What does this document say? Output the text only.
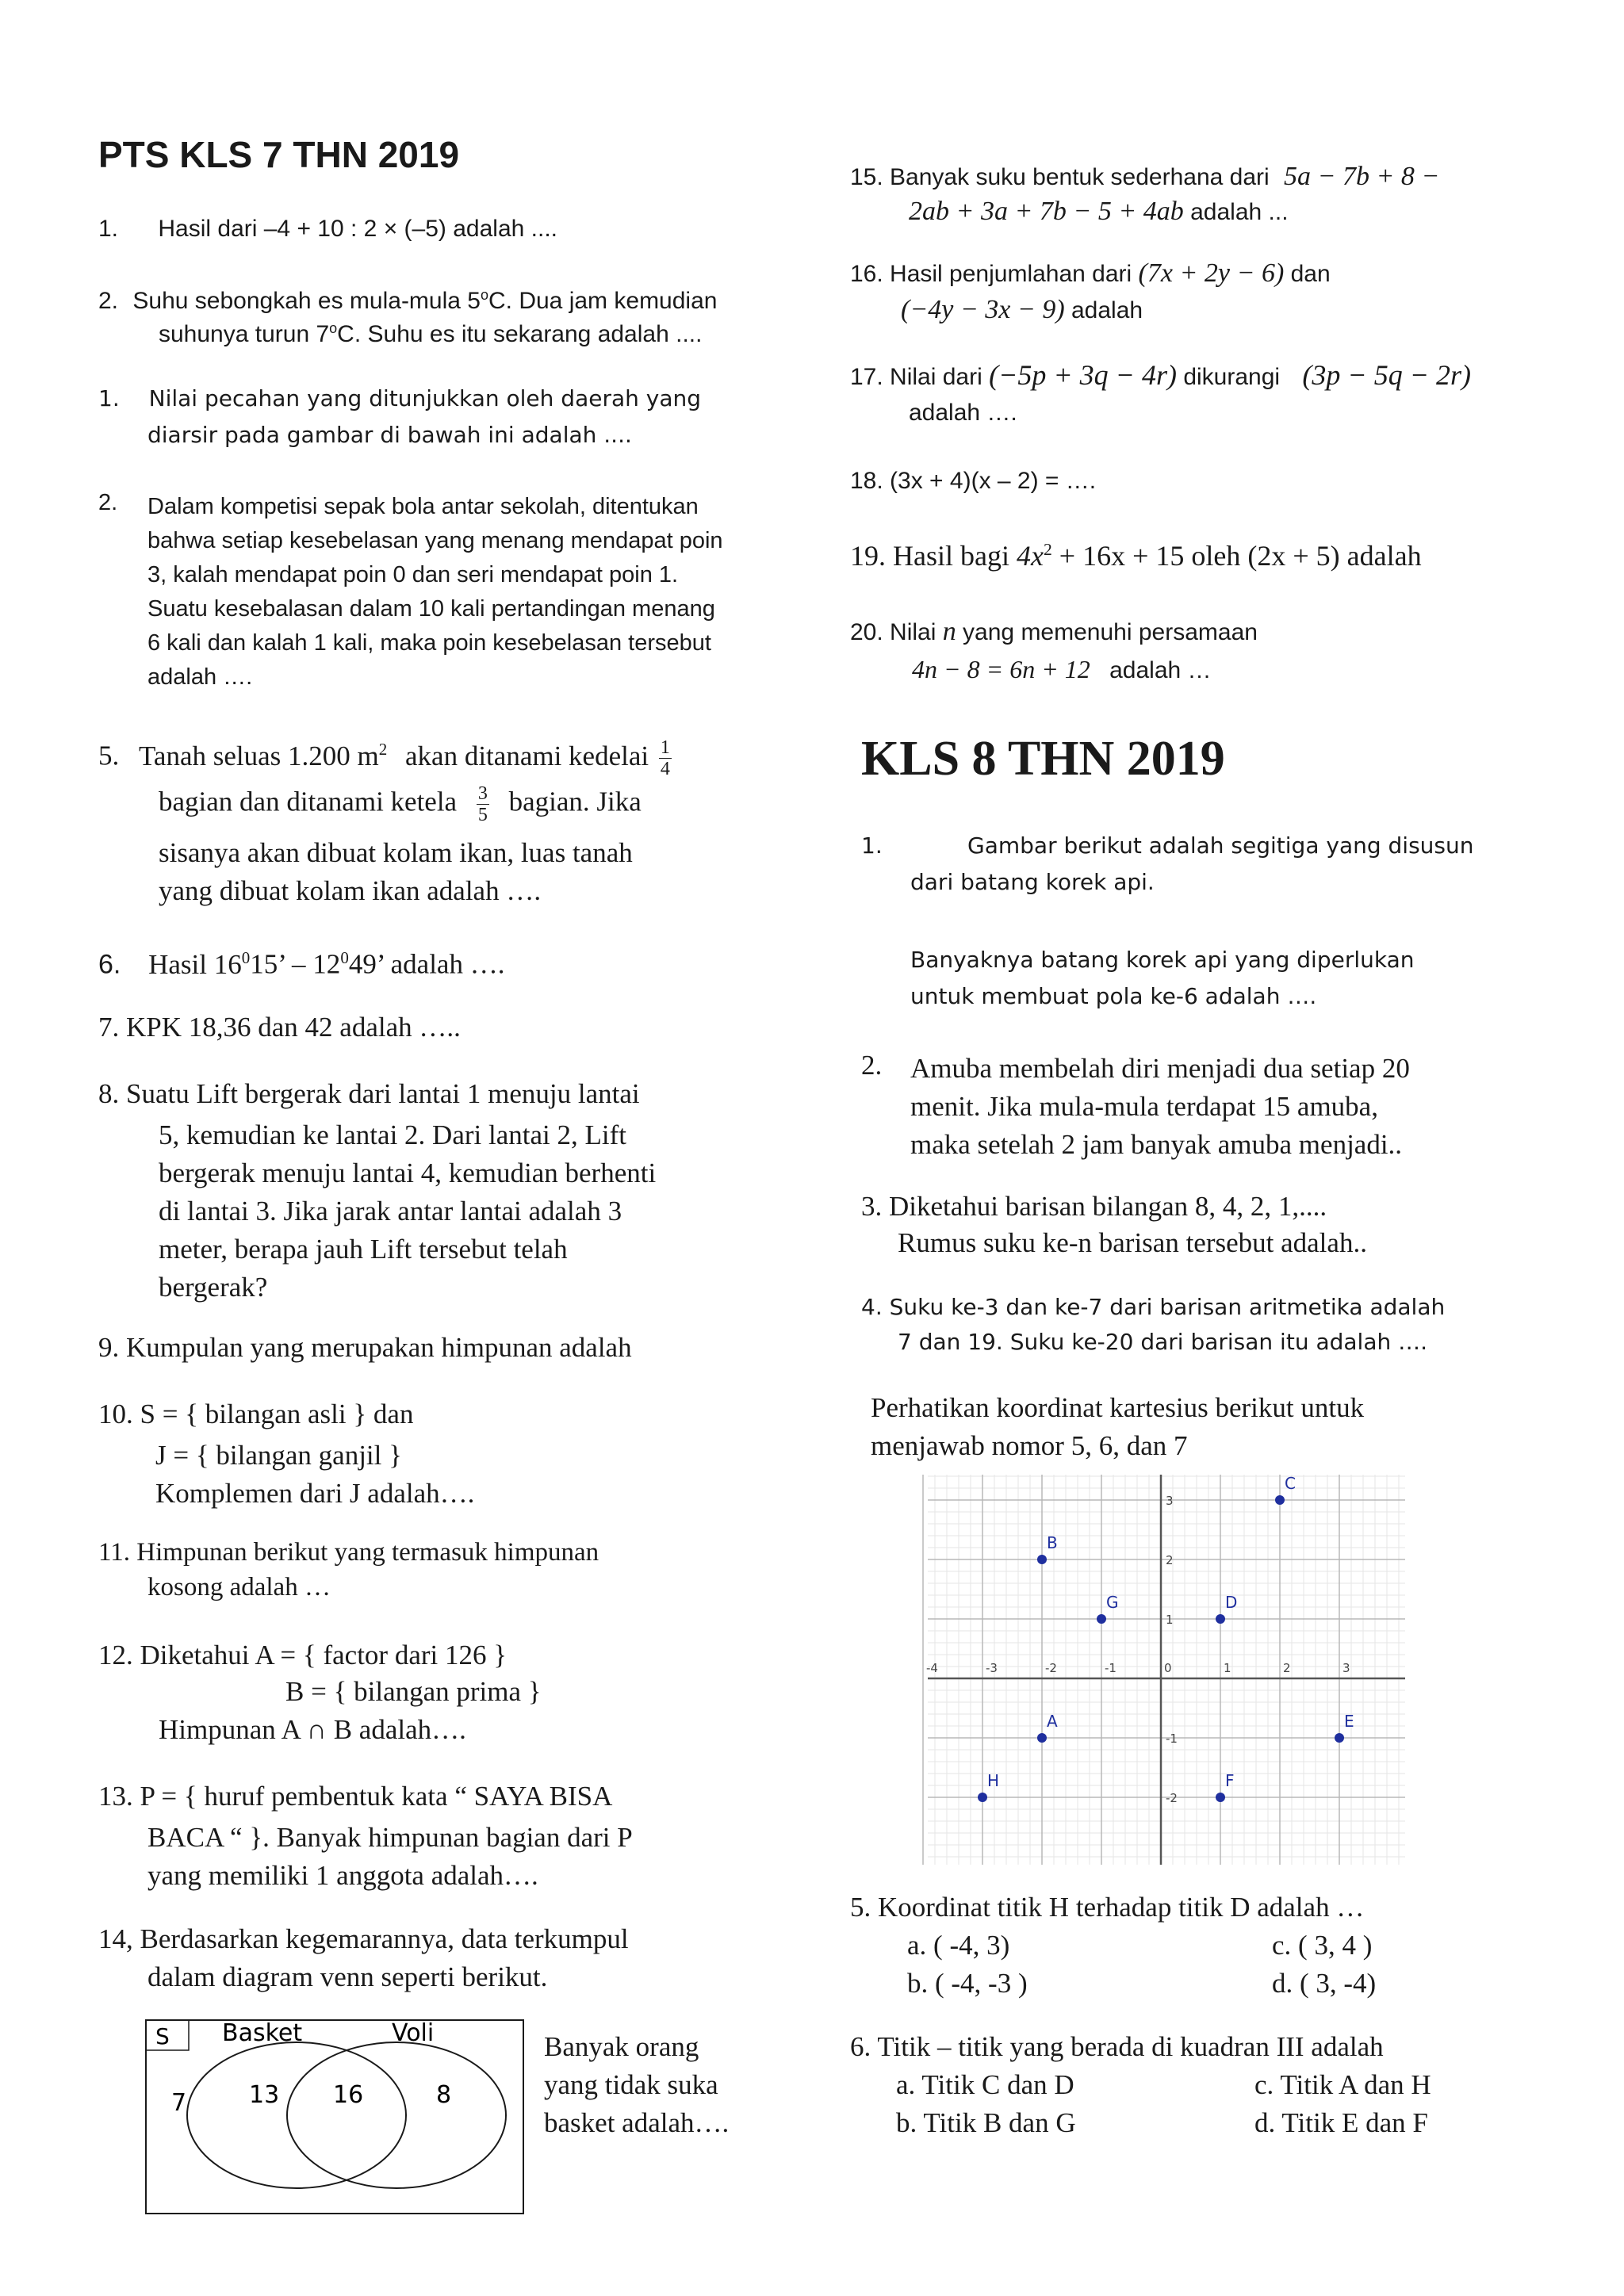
PTS KLS 7 THN 2019
1. Hasil dari –4 + 10 : 2 × (–5) adalah ....
2. Suhu sebongkah es mula-mula 5$^o$C. Dua jam kemudian
suhunya turun 7$^o$C. Suhu es itu sekarang adalah ....
1. Nilai pecahan yang ditunjukkan oleh daerah yang
diarsir pada gambar di bawah ini adalah ....
2. Dalam kompetisi sepak bola antar sekolah, ditentukan
bahwa setiap kesebelasan yang menang mendapat poin
3, kalah mendapat poin 0 dan seri mendapat poin 1.
Suatu kesebalasan dalam 10 kali pertandingan menang
6 kali dan kalah 1 kali, maka poin kesebelasan tersebut
adalah ….
5. Tanah seluas 1.200 $m^2$ akan ditanami kedelai $\frac{1}{4}$
bagian dan ditanami ketela $\frac{3}{5}$ bagian. Jika
sisanya akan dibuat kolam ikan, luas tanah
yang dibuat kolam ikan adalah ….
6. Hasil $16^015$’ – $12^049$’ adalah ….
7. KPK 18,36 dan 42 adalah …..
8. Suatu Lift bergerak dari lantai 1 menuju lantai
5, kemudian ke lantai 2. Dari lantai 2, Lift
bergerak menuju lantai 4, kemudian berhenti
di lantai 3. Jika jarak antar lantai adalah 3
meter, berapa jauh Lift tersebut telah
bergerak?
9. Kumpulan yang merupakan himpunan adalah
10. S = { bilangan asli } dan
J = { bilangan ganjil }
Komplemen dari J adalah….
11. Himpunan berikut yang termasuk himpunan
kosong adalah …
12. Diketahui A = { factor dari 126 }
B = { bilangan prima }
Himpunan A ∩ B adalah….
13. P = { huruf pembentuk kata “ SAYA BISA
BACA “ }. Banyak himpunan bagian dari P
yang memiliki 1 anggota adalah….
14, Berdasarkan kegemarannya, data terkumpul
dalam diagram venn seperti berikut.
S Basket	Voli
7	13 16	8
Banyak orang
yang tidak suka
basket adalah….
15. Banyak suku bentuk sederhana dari 5a − 7b + 8 −
2ab + 3a + 7b − 5 + 4ab adalah ...
16. Hasil penjumlahan dari (7x + 2y − 6) dan
(−4y − 3x − 9) adalah
17. Nilai dari (−5p + 3q − 4r) dikurangi (3p − 5q − 2r)
adalah ….
18. (3x + 4)(x – 2) = ….
19. Hasil bagi $4x^2 + 16x + 15$ oleh (2x + 5) adalah
20. Nilai n yang memenuhi persamaan
4n − 8 = 6n + 12 adalah …
KLS 8 THN 2019
1.	Gambar berikut adalah segitiga yang disusun
dari batang korek api.
Banyaknya batang korek api yang diperlukan
untuk membuat pola ke-6 adalah ….
2. Amuba membelah diri menjadi dua setiap 20
menit. Jika mula-mula terdapat 15 amuba,
maka setelah 2 jam banyak amuba menjadi..
3. Diketahui barisan bilangan 8, 4, 2, 1,....
Rumus suku ke-n barisan tersebut adalah..
4. Suku ke-3 dan ke-7 dari barisan aritmetika adalah
7 dan 19. Suku ke-20 dari barisan itu adalah ….
Perhatikan koordinat kartesius berikut untuk
menjawab nomor 5, 6, dan 7
-4	-3	-2	-1	0	1	2	3
3
2
1
-1
-2
A
B
C
D
E
F
G
H
5. Koordinat titik H terhadap titik D adalah …
a. ( -4, 3)
b. ( -4, -3 )
c. ( 3, 4 )
d. ( 3, -4)
6. Titik – titik yang berada di kuadran III adalah
a. Titik C dan D
b. Titik B dan G
c. Titik A dan H
d. Titik E dan F
